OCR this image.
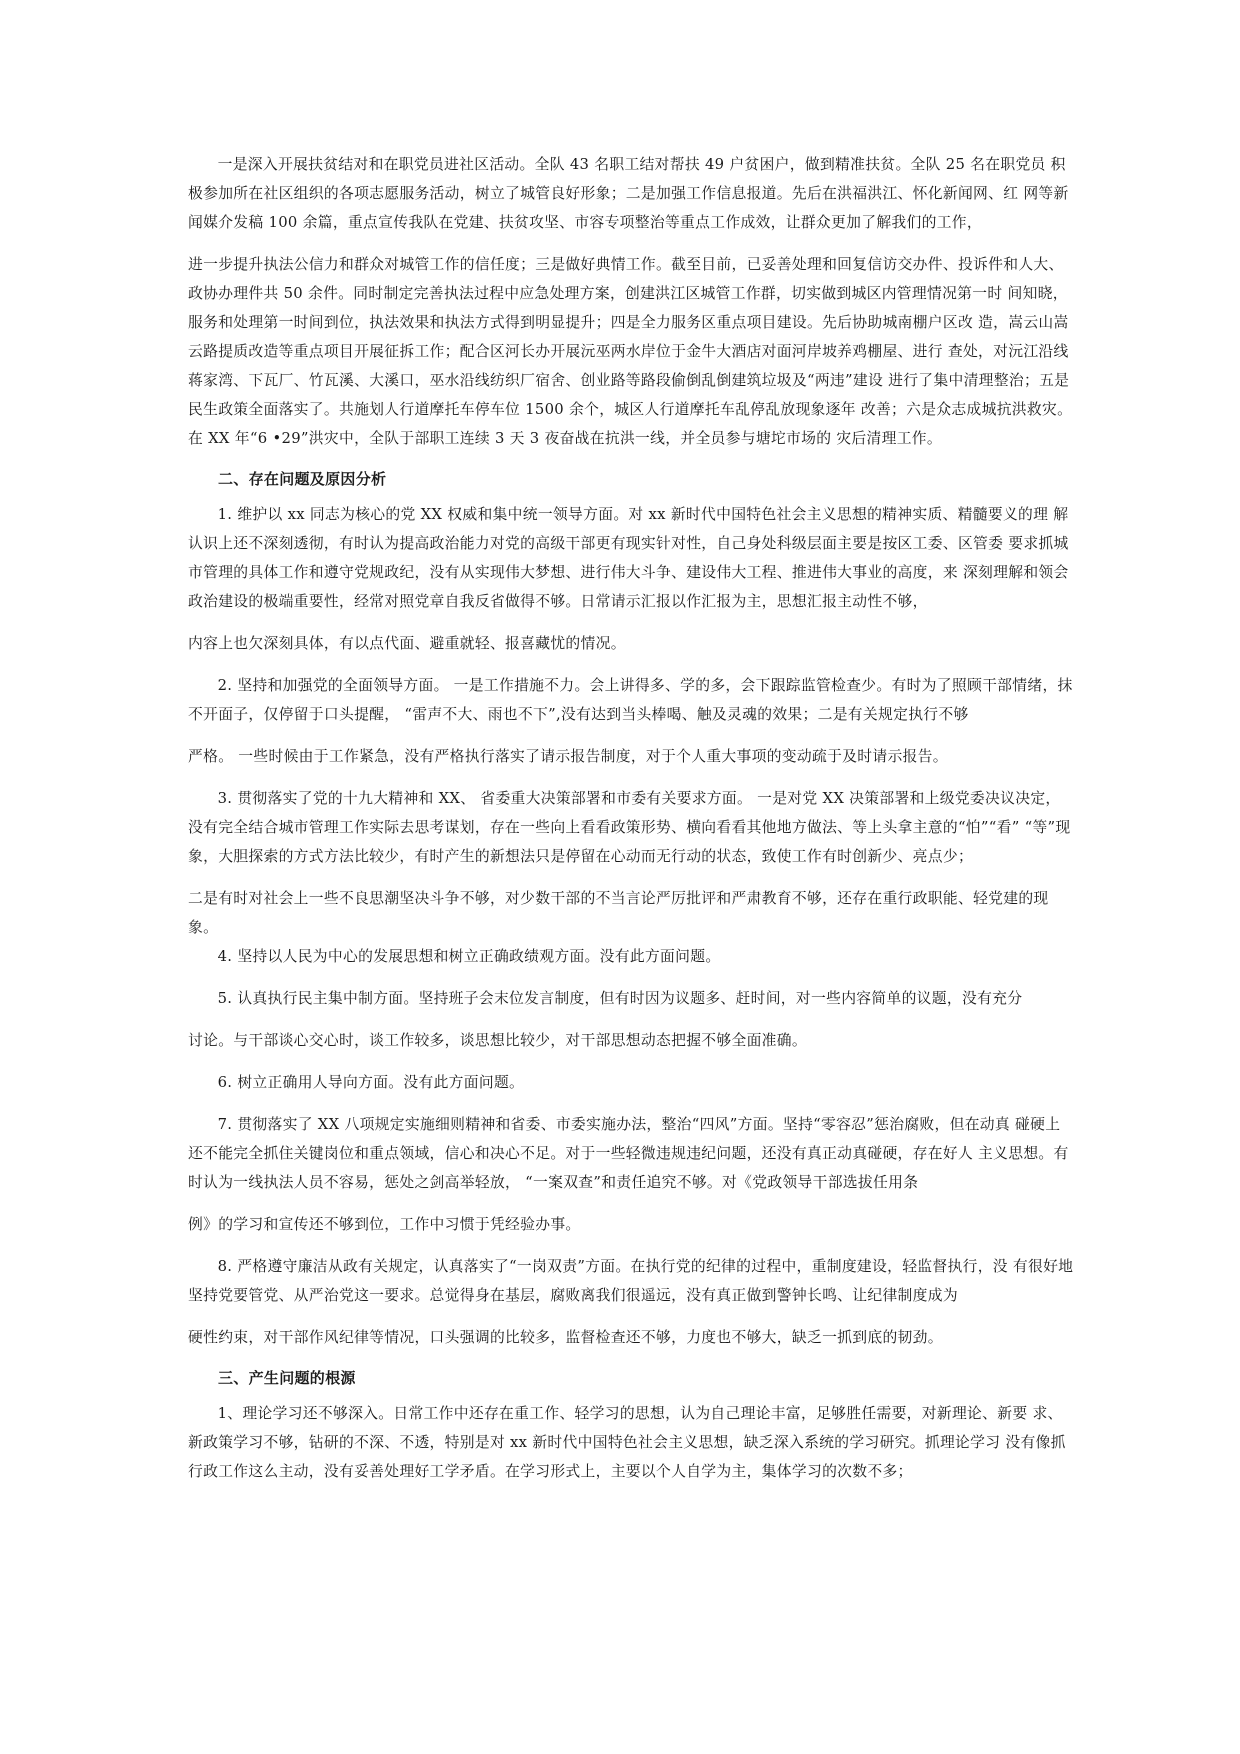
一是深入开展扶贫结对和在职党员进社区活动。全队 43 名职工结对帮扶 49 户贫困户，做到精准扶贫。全队 25 名在职党员 积极参加所在社区组织的各项志愿服务活动，树立了城管良好形象；二是加强工作信息报道。先后在洪福洪江、怀化新闻网、红 网等新闻媒介发稿 100 余篇，重点宣传我队在党建、扶贫攻坚、市容专项整治等重点工作成效，让群众更加了解我们的工作，

进一步提升执法公信力和群众对城管工作的信任度；三是做好典情工作。截至目前，已妥善处理和回复信访交办件、投诉件和人大、政协办理件共 50 余件。同时制定完善执法过程中应急处理方案，创建洪江区城管工作群，切实做到城区内管理情况第一时 间知晓，服务和处理第一时间到位，执法效果和执法方式得到明显提升；四是全力服务区重点项目建设。先后协助城南棚户区改 造，嵩云山嵩云路提质改造等重点项目开展征拆工作；配合区河长办开展沅巫两水岸位于金牛大酒店对面河岸坡养鸡棚屋、进行 查处，对沅江沿线蒋家湾、下瓦厂、竹瓦溪、大溪口，巫水沿线纺织厂宿舍、创业路等路段偷倒乱倒建筑垃圾及“两违”建设 进行了集中清理整治；五是民生政策全面落实了。共施划人行道摩托车停车位 1500 余个，城区人行道摩托车乱停乱放现象逐年 改善；六是众志成城抗洪救灾。在 XX 年“6 •29”洪灾中，全队于部职工连续 3 天 3 夜奋战在抗洪一线，并全员参与塘坨市场的 灾后清理工作。

二、存在问题及原因分析

1. 维护以 xx 同志为核心的党 XX 权威和集中统一领导方面。对 xx 新时代中国特色社会主义思想的精神实质、精髓要义的理 解认识上还不深刻透彻，有时认为提高政治能力对党的高级干部更有现实针对性，自己身处科级层面主要是按区工委、区管委 要求抓城市管理的具体工作和遵守党规政纪，没有从实现伟大梦想、进行伟大斗争、建设伟大工程、推进伟大事业的高度，来 深刻理解和领会政治建设的极端重要性，经常对照党章自我反省做得不够。日常请示汇报以作汇报为主，思想汇报主动性不够，

内容上也欠深刻具体，有以点代面、避重就轻、报喜藏忧的情况。

2. 坚持和加强党的全面领导方面。 一是工作措施不力。会上讲得多、学的多，会下跟踪监管检查少。有时为了照顾干部情绪，抹不开面子，仅停留于口头提醒， “雷声不大、雨也不下”,没有达到当头棒喝、触及灵魂的效果；二是有关规定执行不够

严格。 一些时候由于工作紧急，没有严格执行落实了请示报告制度，对于个人重大事项的变动疏于及时请示报告。

3. 贯彻落实了党的十九大精神和 XX、 省委重大决策部署和市委有关要求方面。 一是对党 XX 决策部署和上级党委决议决定， 没有完全结合城市管理工作实际去思考谋划，存在一些向上看看政策形势、横向看看其他地方做法、等上头拿主意的“怕”“看” “等”现象，大胆探索的方式方法比较少，有时产生的新想法只是停留在心动而无行动的状态，致使工作有时创新少、亮点少；

二是有时对社会上一些不良思潮坚决斗争不够，对少数干部的不当言论严厉批评和严肃教育不够，还存在重行政职能、轻党建的现象。

4. 坚持以人民为中心的发展思想和树立正确政绩观方面。没有此方面问题。

5. 认真执行民主集中制方面。坚持班子会末位发言制度，但有时因为议题多、赶时间，对一些内容简单的议题，没有充分

讨论。与干部谈心交心时，谈工作较多，谈思想比较少，对干部思想动态把握不够全面准确。

6. 树立正确用人导向方面。没有此方面问题。

7. 贯彻落实了 XX 八项规定实施细则精神和省委、市委实施办法，整治“四风”方面。坚持“零容忍”惩治腐败，但在动真 碰硬上还不能完全抓住关键岗位和重点领域，信心和决心不足。对于一些轻微违规违纪问题，还没有真正动真碰硬，存在好人 主义思想。有时认为一线执法人员不容易，惩处之剑高举轻放， “一案双查”和责任追究不够。对《党政领导干部选拔任用条

例》的学习和宣传还不够到位，工作中习惯于凭经验办事。

8. 严格遵守廉洁从政有关规定，认真落实了“一岗双责”方面。在执行党的纪律的过程中，重制度建设，轻监督执行，没 有很好地坚持党要管党、从严治党这一要求。总觉得身在基层，腐败离我们很遥远，没有真正做到警钟长鸣、让纪律制度成为

硬性约束，对干部作风纪律等情况，口头强调的比较多，监督检查还不够，力度也不够大，缺乏一抓到底的韧劲。

三、产生问题的根源

1、理论学习还不够深入。日常工作中还存在重工作、轻学习的思想，认为自己理论丰富，足够胜任需要，对新理论、新要 求、新政策学习不够，钻研的不深、不透，特别是对 xx 新时代中国特色社会主义思想，缺乏深入系统的学习研究。抓理论学习 没有像抓行政工作这么主动，没有妥善处理好工学矛盾。在学习形式上，主要以个人自学为主，集体学习的次数不多；
